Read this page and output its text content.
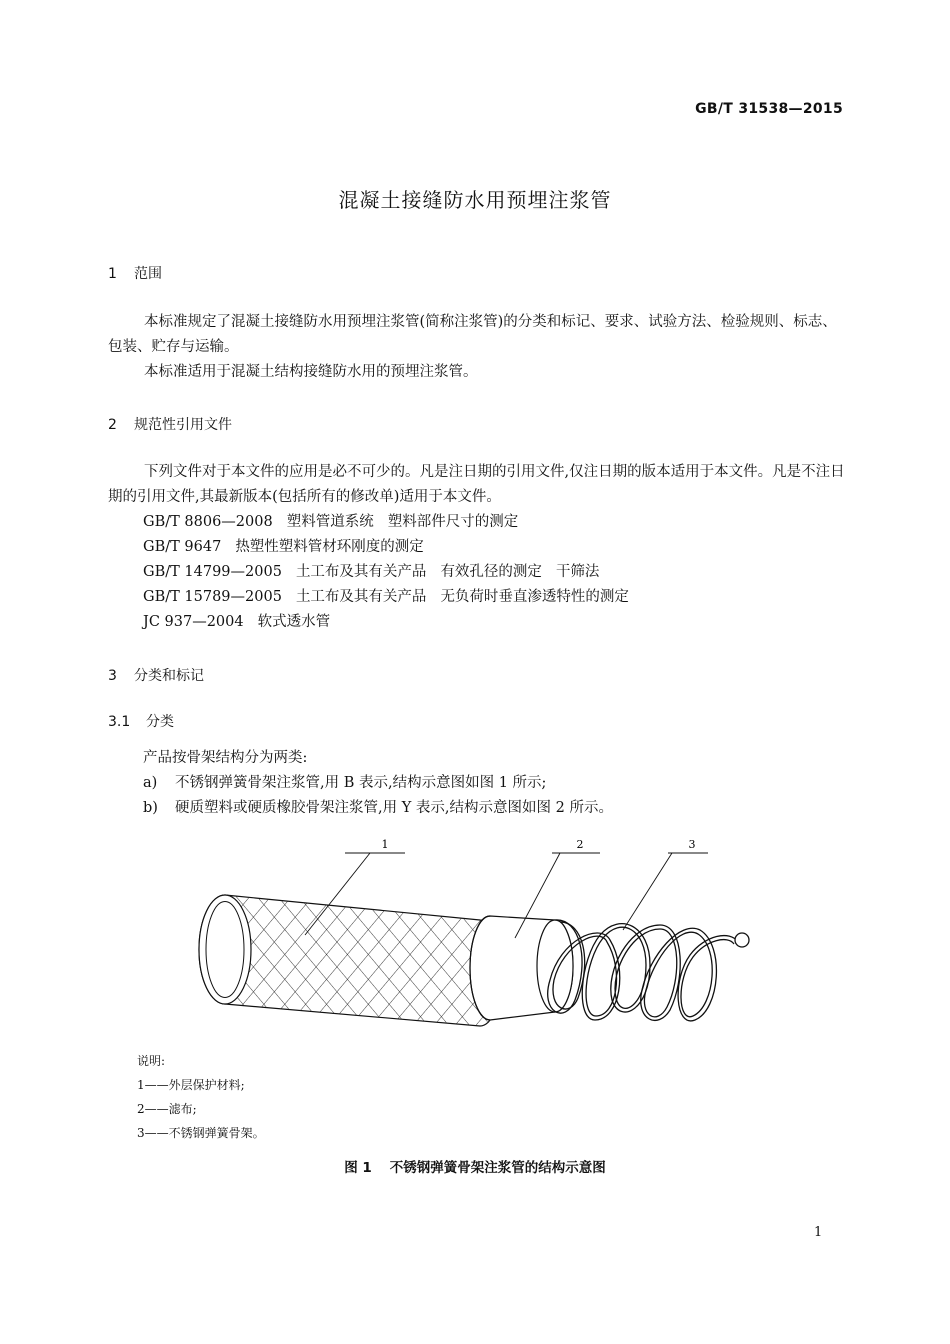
GB/T 31538—2015
混凝土接缝防水用预埋注浆管
1 范围
本标准规定了混凝土接缝防水用预埋注浆管(简称注浆管)的分类和标记、要求、试验方法、检验规则、标志、包装、贮存与运输。
本标准适用于混凝土结构接缝防水用的预埋注浆管。
2 规范性引用文件
下列文件对于本文件的应用是必不可少的。凡是注日期的引用文件,仅注日期的版本适用于本文件。凡是不注日期的引用文件,其最新版本(包括所有的修改单)适用于本文件。
GB/T 8806—2008 塑料管道系统 塑料部件尺寸的测定
GB/T 9647 热塑性塑料管材环刚度的测定
GB/T 14799—2005 土工布及其有关产品 有效孔径的测定 干筛法
GB/T 15789—2005 土工布及其有关产品 无负荷时垂直渗透特性的测定
JC 937—2004 软式透水管
3 分类和标记
3.1 分类
产品按骨架结构分为两类:
a) 不锈钢弹簧骨架注浆管,用 B 表示,结构示意图如图 1 所示;
b) 硬质塑料或硬质橡胶骨架注浆管,用 Y 表示,结构示意图如图 2 所示。
1	2	3
说明:
1——外层保护材料;
2——滤布;
3——不锈钢弹簧骨架。
图 1 不锈钢弹簧骨架注浆管的结构示意图
1
